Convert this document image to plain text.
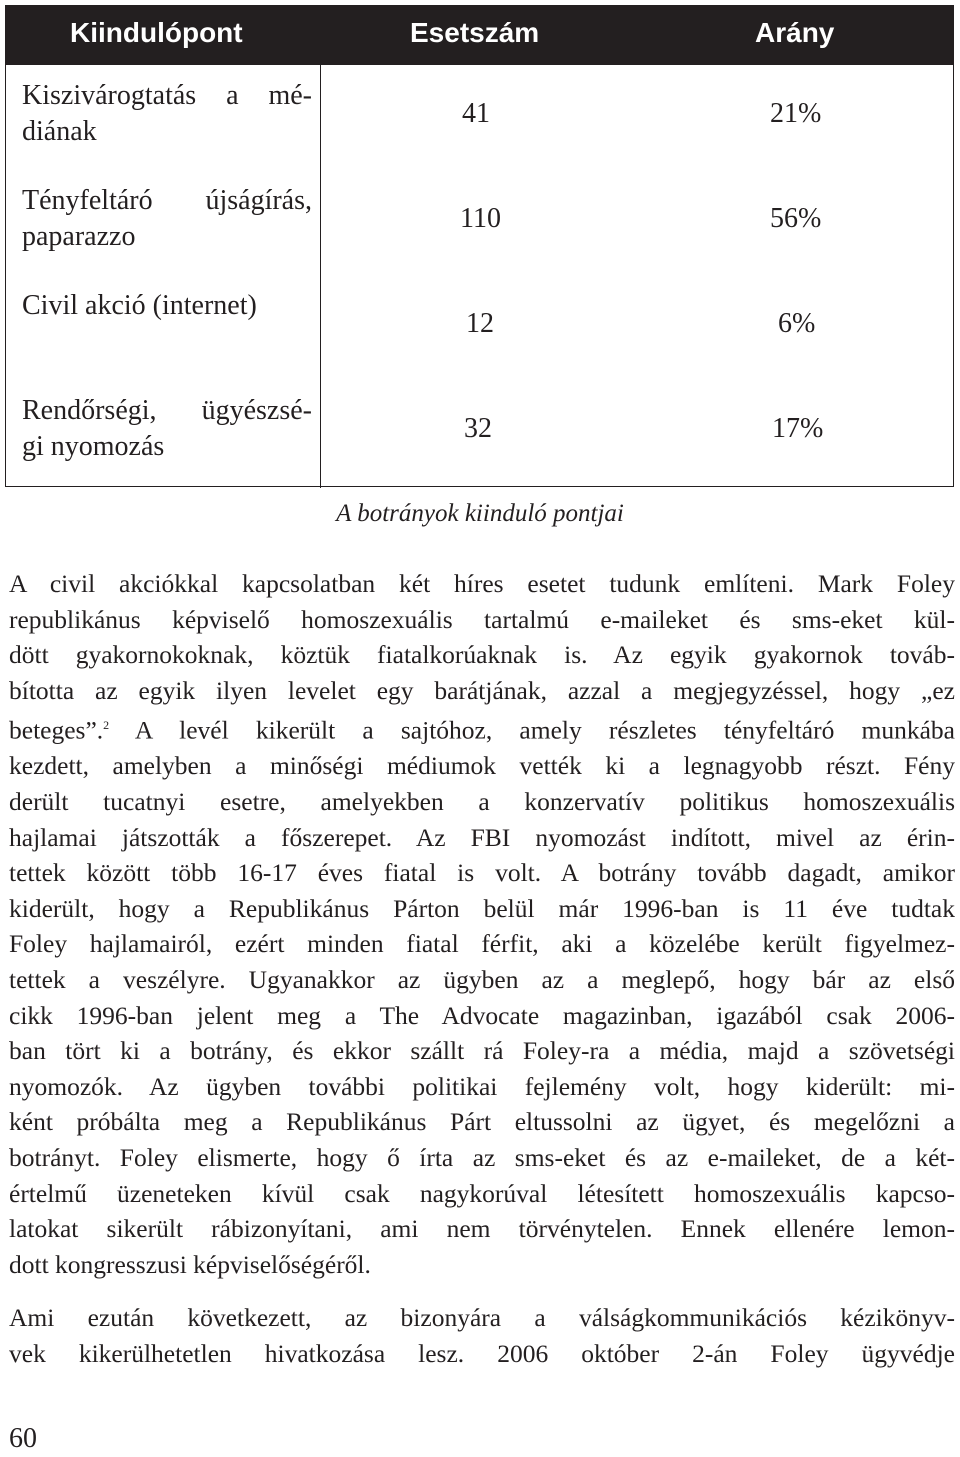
Kiindulópont	Esetszám	Arány
Kiszivárogtatás a mé-
diának
41	21%
Tényfeltáró újságírás,
paparazzo
110	56%
Civil akció (internet)
12	6%
Rendőrségi, ügyészsé-
gi nyomozás
32	17%
A botrányok kiinduló pontjai
A civil akciókkal kapcsolatban két híres esetet tudunk említeni. Mark Foley
republikánus képviselő homoszexuális tartalmú e-maileket és sms-eket kül-
dött gyakornokoknak, köztük fiatalkorúaknak is. Az egyik gyakornok továb-
bította az egyik ilyen levelet egy barátjának, azzal a megjegyzéssel, hogy „ez
beteges”.$^2$ A levél kikerült a sajtóhoz, amely részletes tényfeltáró munkába
kezdett, amelyben a minőségi médiumok vették ki a legnagyobb részt. Fény
derült tucatnyi esetre, amelyekben a konzervatív politikus homoszexuális
hajlamai játszották a főszerepet. Az FBI nyomozást indított, mivel az érin-
tettek között több 16-17 éves fiatal is volt. A botrány tovább dagadt, amikor
kiderült, hogy a Republikánus Párton belül már 1996-ban is 11 éve tudtak
Foley hajlamairól, ezért minden fiatal férfit, aki a közelébe került figyelmez-
tettek a veszélyre. Ugyanakkor az ügyben az a meglepő, hogy bár az első
cikk 1996-ban jelent meg a The Advocate magazinban, igazából csak 2006-
ban tört ki a botrány, és ekkor szállt rá Foley-ra a média, majd a szövetségi
nyomozók. Az ügyben további politikai fejlemény volt, hogy kiderült: mi-
ként próbálta meg a Republikánus Párt eltussolni az ügyet, és megelőzni a
botrányt. Foley elismerte, hogy ő írta az sms-eket és az e-maileket, de a két-
értelmű üzeneteken kívül csak nagykorúval létesített homoszexuális kapcso-
latokat sikerült rábizonyítani, ami nem törvénytelen. Ennek ellenére lemon-
dott kongresszusi képviselőségéről.
Ami ezután következett, az bizonyára a válságkommunikációs kézikönyv-
vek kikerülhetetlen hivatkozása lesz. 2006 október 2-án Foley ügyvédje
60
